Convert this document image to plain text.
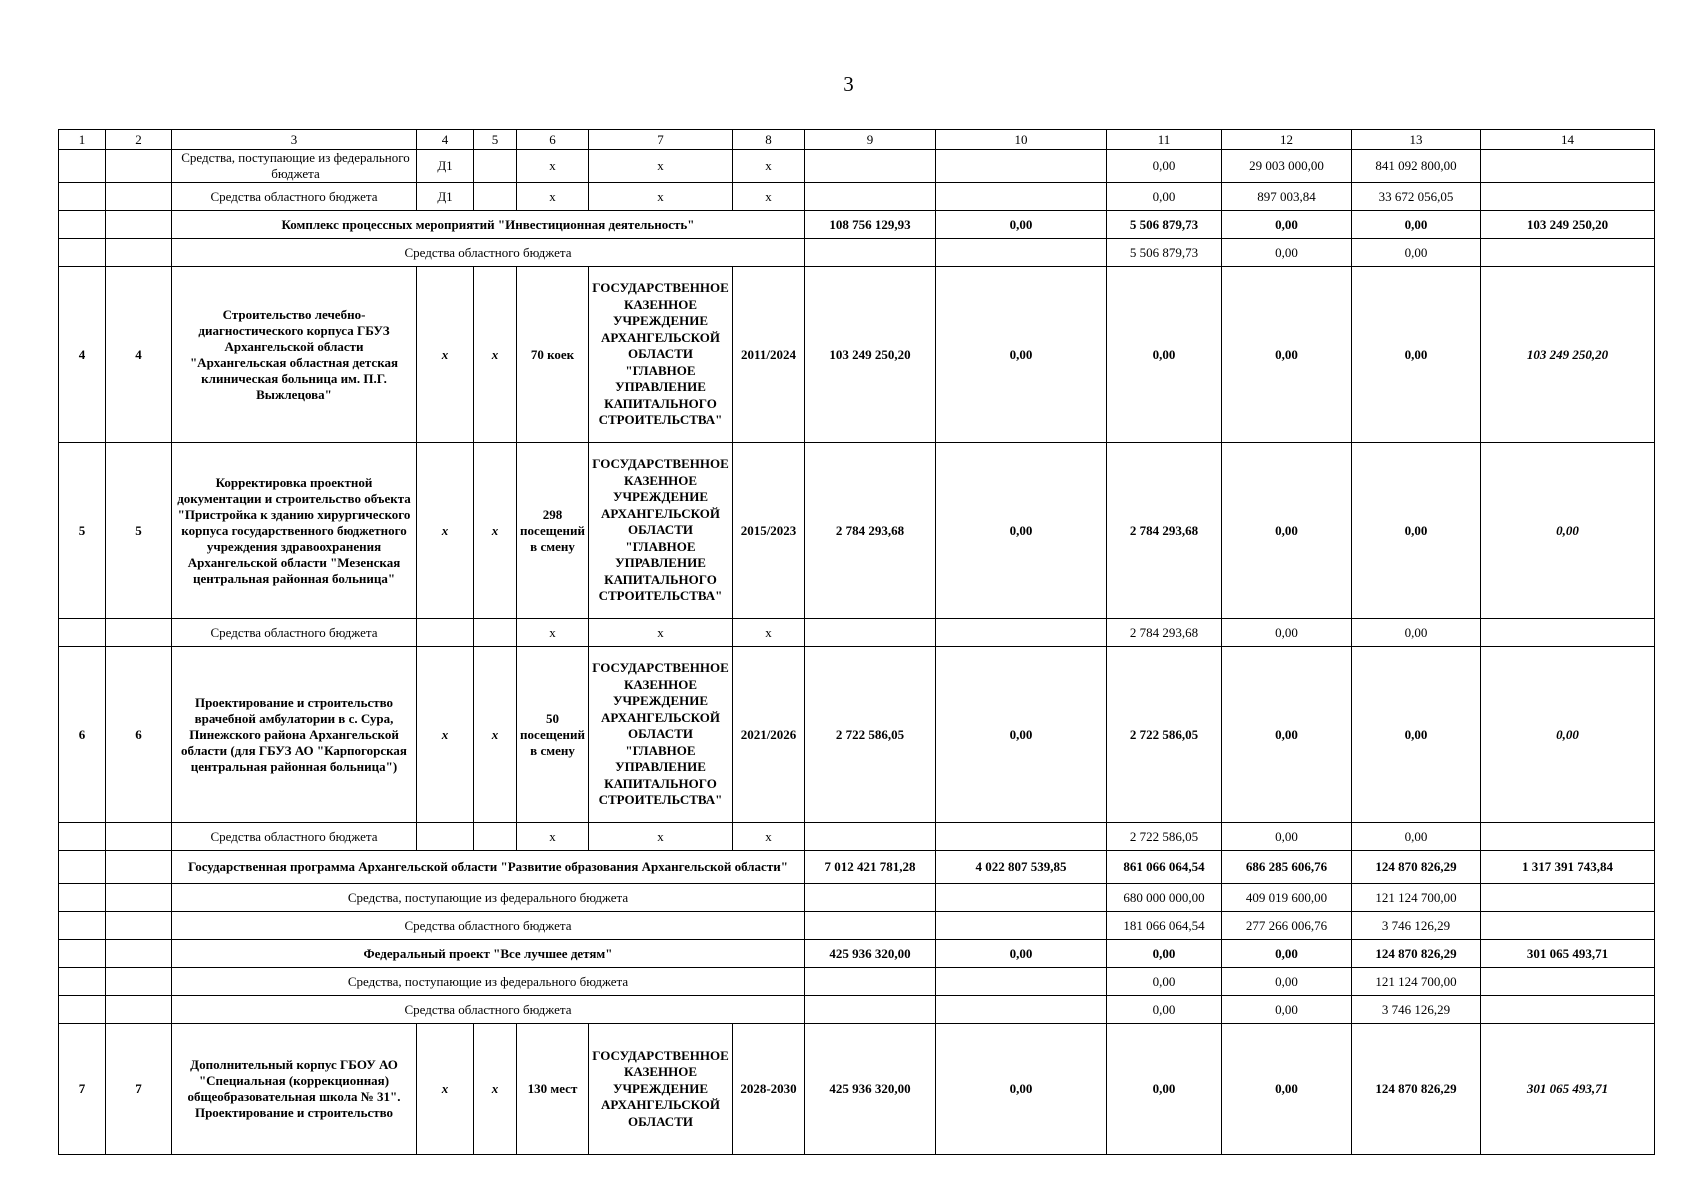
3
1	2	3	4	5	6	7	8	9	10	11	12	13	14
		Средства, поступающие из федерального бюджета	Д1		x	x	x			0,00	29 003 000,00	841 092 800,00	
		Средства областного бюджета	Д1		x	x	x			0,00	897 003,84	33 672 056,05	
		Комплекс процессных мероприятий "Инвестиционная деятельность"						108 756 129,93	0,00	5 506 879,73	0,00	0,00	103 249 250,20
		Средства областного бюджета								5 506 879,73	0,00	0,00	
4	4	Строительство лечебно-диагностического корпуса ГБУЗ Архангельской области "Архангельская областная детская клиническая больница им. П.Г. Выжлецова"	x	x	70 коек	ГОСУДАРСТВЕННОЕ КАЗЕННОЕ УЧРЕЖДЕНИЕ АРХАНГЕЛЬСКОЙ ОБЛАСТИ "ГЛАВНОЕ УПРАВЛЕНИЕ КАПИТАЛЬНОГО СТРОИТЕЛЬСТВА"	2011/2024	103 249 250,20	0,00	0,00	0,00	0,00	103 249 250,20
5	5	Корректировка проектной документации и строительство объекта "Пристройка к зданию хирургического корпуса государственного бюджетного учреждения здравоохранения Архангельской области "Мезенская центральная районная больница"	x	x	298 посещений в смену	ГОСУДАРСТВЕННОЕ КАЗЕННОЕ УЧРЕЖДЕНИЕ АРХАНГЕЛЬСКОЙ ОБЛАСТИ "ГЛАВНОЕ УПРАВЛЕНИЕ КАПИТАЛЬНОГО СТРОИТЕЛЬСТВА"	2015/2023	2 784 293,68	0,00	2 784 293,68	0,00	0,00	0,00
		Средства областного бюджета			x	x	x			2 784 293,68	0,00	0,00	
6	6	Проектирование и строительство врачебной амбулатории в с. Сура, Пинежского района Архангельской области (для ГБУЗ АО "Карпогорская центральная районная больница")	x	x	50 посещений в смену	ГОСУДАРСТВЕННОЕ КАЗЕННОЕ УЧРЕЖДЕНИЕ АРХАНГЕЛЬСКОЙ ОБЛАСТИ "ГЛАВНОЕ УПРАВЛЕНИЕ КАПИТАЛЬНОГО СТРОИТЕЛЬСТВА"	2021/2026	2 722 586,05	0,00	2 722 586,05	0,00	0,00	0,00
		Средства областного бюджета			x	x	x			2 722 586,05	0,00	0,00	
		Государственная программа Архангельской области "Развитие образования Архангельской области"						7 012 421 781,28	4 022 807 539,85	861 066 064,54	686 285 606,76	124 870 826,29	1 317 391 743,84
		Средства, поступающие из федерального бюджета								680 000 000,00	409 019 600,00	121 124 700,00	
		Средства областного бюджета								181 066 064,54	277 266 006,76	3 746 126,29	
		Федеральный проект "Все лучшее детям"						425 936 320,00	0,00	0,00	0,00	124 870 826,29	301 065 493,71
		Средства, поступающие из федерального бюджета								0,00	0,00	121 124 700,00	
		Средства областного бюджета								0,00	0,00	3 746 126,29	
7	7	Дополнительный корпус ГБОУ АО "Специальная (коррекционная) общеобразовательная школа № 31". Проектирование и строительство	x	x	130 мест	ГОСУДАРСТВЕННОЕ КАЗЕННОЕ УЧРЕЖДЕНИЕ АРХАНГЕЛЬСКОЙ ОБЛАСТИ	2028-2030	425 936 320,00	0,00	0,00	0,00	124 870 826,29	301 065 493,71
